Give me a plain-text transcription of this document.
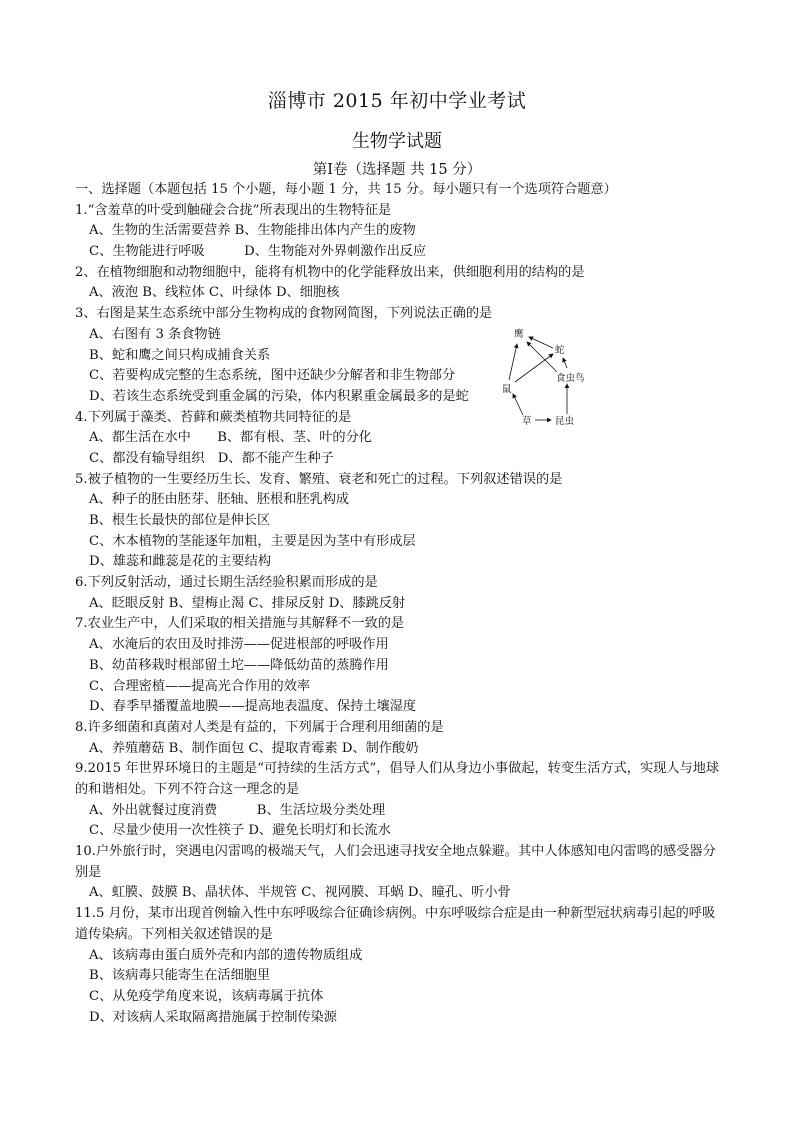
淄博市 2015 年初中学业考试
生物学试题
第Ⅰ卷（选择题 共 15 分）
一、选择题（本题包括 15 个小题，每小题 1 分，共 15 分。每小题只有一个选项符合题意）
1.“含羞草的叶受到触碰会合拢”所表现出的生物特征是
A、生物的生活需要营养 B、生物能排出体内产生的废物
C、生物能进行呼吸　　　D、生物能对外界刺激作出反应
2、在植物细胞和动物细胞中，能将有机物中的化学能释放出来，供细胞利用的结构的是
A、液泡 B、线粒体 C、叶绿体 D、细胞核
3、右图是某生态系统中部分生物构成的食物网简图，下列说法正确的是
A、右图有 3 条食物链
B、蛇和鹰之间只构成捕食关系
C、若要构成完整的生态系统，图中还缺少分解者和非生物部分
D、若该生态系统受到重金属的污染，体内积累重金属最多的是蛇
4.下列属于藻类、苔藓和蕨类植物共同特征的是
A、都生活在水中　　B、都有根、茎、叶的分化
C、都没有输导组织　D、都不能产生种子
5.被子植物的一生要经历生长、发育、繁殖、衰老和死亡的过程。下列叙述错误的是
A、种子的胚由胚芽、胚轴、胚根和胚乳构成
B、根生长最快的部位是伸长区
C、木本植物的茎能逐年加粗，主要是因为茎中有形成层
D、雄蕊和雌蕊是花的主要结构
6.下列反射活动，通过长期生活经验积累而形成的是
A、眨眼反射 B、望梅止渴 C、排尿反射 D、膝跳反射
7.农业生产中，人们采取的相关措施与其解释不一致的是
A、水淹后的农田及时排涝——促进根部的呼吸作用
B、幼苗移栽时根部留土坨——降低幼苗的蒸腾作用
C、合理密植——提高光合作用的效率
D、春季早播覆盖地膜——提高地表温度、保持土壤湿度
8.许多细菌和真菌对人类是有益的，下列属于合理利用细菌的是
A、养殖蘑菇 B、制作面包 C、提取青霉素 D、制作酸奶
9.2015 年世界环境日的主题是“可持续的生活方式”，倡导人们从身边小事做起，转变生活方式，实现人与地球的和谐相处。下列不符合这一理念的是
A、外出就餐过度消费　　　B、生活垃圾分类处理
C、尽量少使用一次性筷子 D、避免长明灯和长流水
10.户外旅行时，突遇电闪雷鸣的极端天气，人们会迅速寻找安全地点躲避。其中人体感知电闪雷鸣的感受器分别是
A、虹膜、鼓膜 B、晶状体、半规管 C、视网膜、耳蜗 D、瞳孔、听小骨
11.5 月份，某市出现首例输入性中东呼吸综合征确诊病例。中东呼吸综合症是由一种新型冠状病毒引起的呼吸道传染病。下列相关叙述错误的是
A、该病毒由蛋白质外壳和内部的遗传物质组成
B、该病毒只能寄生在活细胞里
C、从免疫学角度来说，该病毒属于抗体
D、对该病人采取隔离措施属于控制传染源
鹰
蛇
食虫鸟
鼠
草 昆虫
